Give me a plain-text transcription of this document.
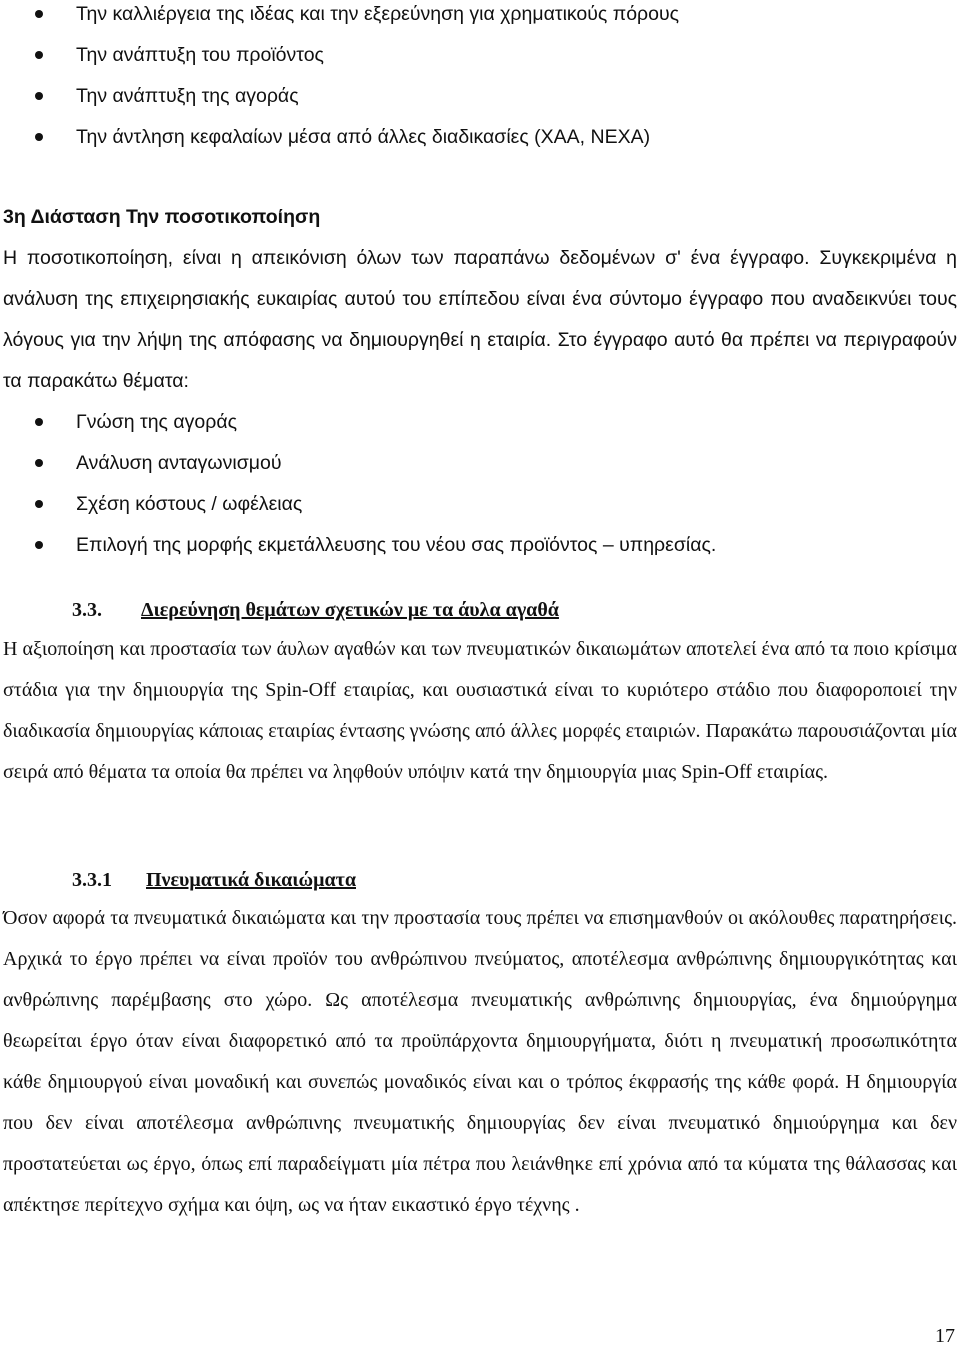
Την καλλιέργεια της ιδέας και την εξερεύνηση για χρηματικούς πόρους
Την ανάπτυξη του προϊόντος
Την ανάπτυξη της αγοράς
Την άντληση κεφαλαίων μέσα από άλλες διαδικασίες (ΧΑΑ, ΝΕΧΑ)
3η Διάσταση Την ποσοτικοποίηση
Η ποσοτικοποίηση, είναι η απεικόνιση όλων των παραπάνω δεδομένων σ' ένα έγγραφο. Συγκεκριμένα η ανάλυση της επιχειρησιακής ευκαιρίας αυτού του επίπεδου είναι ένα σύντομο έγγραφο που αναδεικνύει τους λόγους για την λήψη της απόφασης να δημιουργηθεί η εταιρία. Στο έγγραφο αυτό θα πρέπει να περιγραφούν τα παρακάτω θέματα:
Γνώση της αγοράς
Ανάλυση ανταγωνισμού
Σχέση κόστους / ωφέλειας
Επιλογή της μορφής εκμετάλλευσης του νέου σας προϊόντος – υπηρεσίας.
3.3. Διερεύνηση θεμάτων σχετικών με τα άυλα αγαθά
Η αξιοποίηση και προστασία των άυλων αγαθών και των πνευματικών δικαιωμάτων αποτελεί ένα από τα ποιο κρίσιμα στάδια για την δημιουργία της Spin-Off εταιρίας, και ουσιαστικά είναι το κυριότερο στάδιο που διαφοροποιεί την διαδικασία δημιουργίας κάποιας εταιρίας έντασης γνώσης από άλλες μορφές εταιριών. Παρακάτω παρουσιάζονται μία σειρά από θέματα τα οποία θα πρέπει να ληφθούν υπόψιν κατά την δημιουργία μιας Spin-Off εταιρίας.
3.3.1 Πνευματικά δικαιώματα
Όσον αφορά τα πνευματικά δικαιώματα και την προστασία τους πρέπει να επισημανθούν οι ακόλουθες παρατηρήσεις. Αρχικά το έργο πρέπει να είναι προϊόν του ανθρώπινου πνεύματος, αποτέλεσμα ανθρώπινης δημιουργικότητας και ανθρώπινης παρέμβασης στο χώρο. Ως αποτέλεσμα πνευματικής ανθρώπινης δημιουργίας, ένα δημιούργημα θεωρείται έργο όταν είναι διαφορετικό από τα προϋπάρχοντα δημιουργήματα, διότι η πνευματική προσωπικότητα κάθε δημιουργού είναι μοναδική και συνεπώς μοναδικός είναι και ο τρόπος έκφρασής της κάθε φορά. Η δημιουργία που δεν είναι αποτέλεσμα ανθρώπινης πνευματικής δημιουργίας δεν είναι πνευματικό δημιούργημα και δεν προστατεύεται ως έργο, όπως επί παραδείγματι μία πέτρα που λειάνθηκε επί χρόνια από τα κύματα της θάλασσας και απέκτησε περίτεχνο σχήμα και όψη, ως να ήταν εικαστικό έργο τέχνης .
17
